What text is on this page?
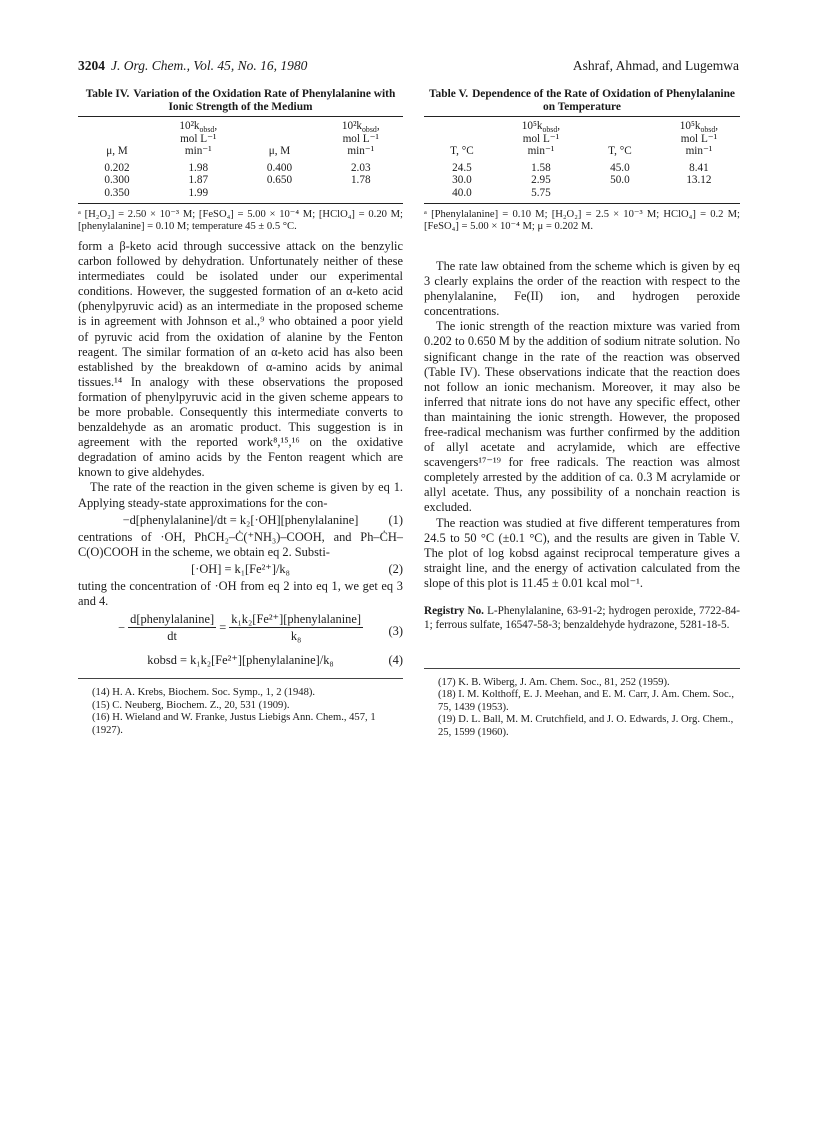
3204 J. Org. Chem., Vol. 45, No. 16, 1980	Ashraf, Ahmad, and Lugemwa
Table IV. Variation of the Oxidation Rate of Phenylalanine with Ionic Strength of the Medium

μ, M	$10^2k_{obsd}$,
mol L⁻¹
min⁻¹	μ, M	$10^2k_{obsd}$,
mol L⁻¹
min⁻¹
0.202	1.98	0.400	2.03
0.300	1.87	0.650	1.78
0.350	1.99		
ᵃ [H₂O₂] = 2.50 × 10⁻³ M; [FeSO₄] = 5.00 × 10⁻⁴ M; [HClO₄] = 0.20 M; [phenylalanine] = 0.10 M; temperature 45 ± 0.5 °C.

form a β-keto acid through successive attack on the benzylic carbon followed by dehydration. Unfortunately neither of these intermediates could be isolated under our experimental conditions. However, the suggested formation of an α-keto acid (phenylpyruvic acid) as an intermediate in the proposed scheme is in agreement with Johnson et al.,⁹ who obtained a poor yield of pyruvic acid from the oxidation of alanine by the Fenton reagent. The similar formation of an α-keto acid has also been established by the breakdown of α-amino acids by animal tissues.¹⁴ In analogy with these observations the proposed formation of phenylpyruvic acid in the given scheme appears to be more probable. Consequently this intermediate converts to benzaldehyde as an aromatic product. This suggestion is in agreement with the reported work⁸,¹⁵,¹⁶ on the oxidative degradation of amino acids by the Fenton reagent which are known to give aldehydes.

The rate of the reaction in the given scheme is given by eq 1. Applying steady-state approximations for the con-

−d[phenylalanine]/dt = k₂[·OH][phenylalanine] (1)

centrations of ·OH, PhCH₂–Ċ(⁺NH₃)–COOH, and Ph–ĊH–C(O)COOH in the scheme, we obtain eq 2. Substi-

[·OH] = k₁[Fe²⁺]/k₈	(2)

tuting the concentration of ·OH from eq 2 into eq 1, we get eq 3 and 4.

− $\frac{\text{d[phenylalanine]}}{dt} = \frac{\text{k₁k₂[Fe²⁺][phenylalanine]}}{\text{k₈}} (3)$
kobsd = k₁k₂[Fe²⁺][phenylalanine]/k₈	(4)
(14) H. A. Krebs, Biochem. Soc. Symp., 1, 2 (1948).
(15) C. Neuberg, Biochem. Z., 20, 531 (1909).
(16) H. Wieland and W. Franke, Justus Liebigs Ann. Chem., 457, 1 (1927).
Table V. Dependence of the Rate of Oxidation of Phenylalanine on Temperature

T, °C	$10^5k_{obsd}$,
mol L⁻¹
min⁻¹	T, °C	$10^5k_{obsd}$,
mol L⁻¹
min⁻¹
24.5	1.58	45.0	8.41
30.0	2.95	50.0	13.12
40.0	5.75		
ᵃ [Phenylalanine] = 0.10 M; [H₂O₂] = 2.5 × 10⁻³ M; HClO₄] = 0.2 M; [FeSO₄] = 5.00 × 10⁻⁴ M; μ = 0.202 M.

The rate law obtained from the scheme which is given by eq 3 clearly explains the order of the reaction with respect to the phenylalanine, Fe(II) ion, and hydrogen peroxide concentrations.

The ionic strength of the reaction mixture was varied from 0.202 to 0.650 M by the addition of sodium nitrate solution. No significant change in the rate of the reaction was observed (Table IV). These observations indicate that the reaction does not follow an ionic mechanism. Moreover, it may also be inferred that nitrate ions do not have any specific effect, other than maintaining the ionic strength. However, the proposed free-radical mechanism was further confirmed by the addition of allyl acetate and acrylamide, which are effective scavengers¹⁷⁻¹⁹ for free radicals. The reaction was almost completely arrested by the addition of ca. 0.3 M acrylamide or allyl acetate. Thus, any possibility of a nonchain reaction is excluded.

The reaction was studied at five different temperatures from 24.5 to 50 °C (±0.1 °C), and the results are given in Table V. The plot of log kobsd against reciprocal temperature gives a straight line, and the energy of activation calculated from the slope of this plot is 11.45 ± 0.01 kcal mol⁻¹.

Registry No. L-Phenylalanine, 63-91-2; hydrogen peroxide, 7722-84-1; ferrous sulfate, 16547-58-3; benzaldehyde hydrazone, 5281-18-5.

(17) K. B. Wiberg, J. Am. Chem. Soc., 81, 252 (1959).
(18) I. M. Kolthoff, E. J. Meehan, and E. M. Carr, J. Am. Chem. Soc., 75, 1439 (1953).
(19) D. L. Ball, M. M. Crutchfield, and J. O. Edwards, J. Org. Chem., 25, 1599 (1960).
